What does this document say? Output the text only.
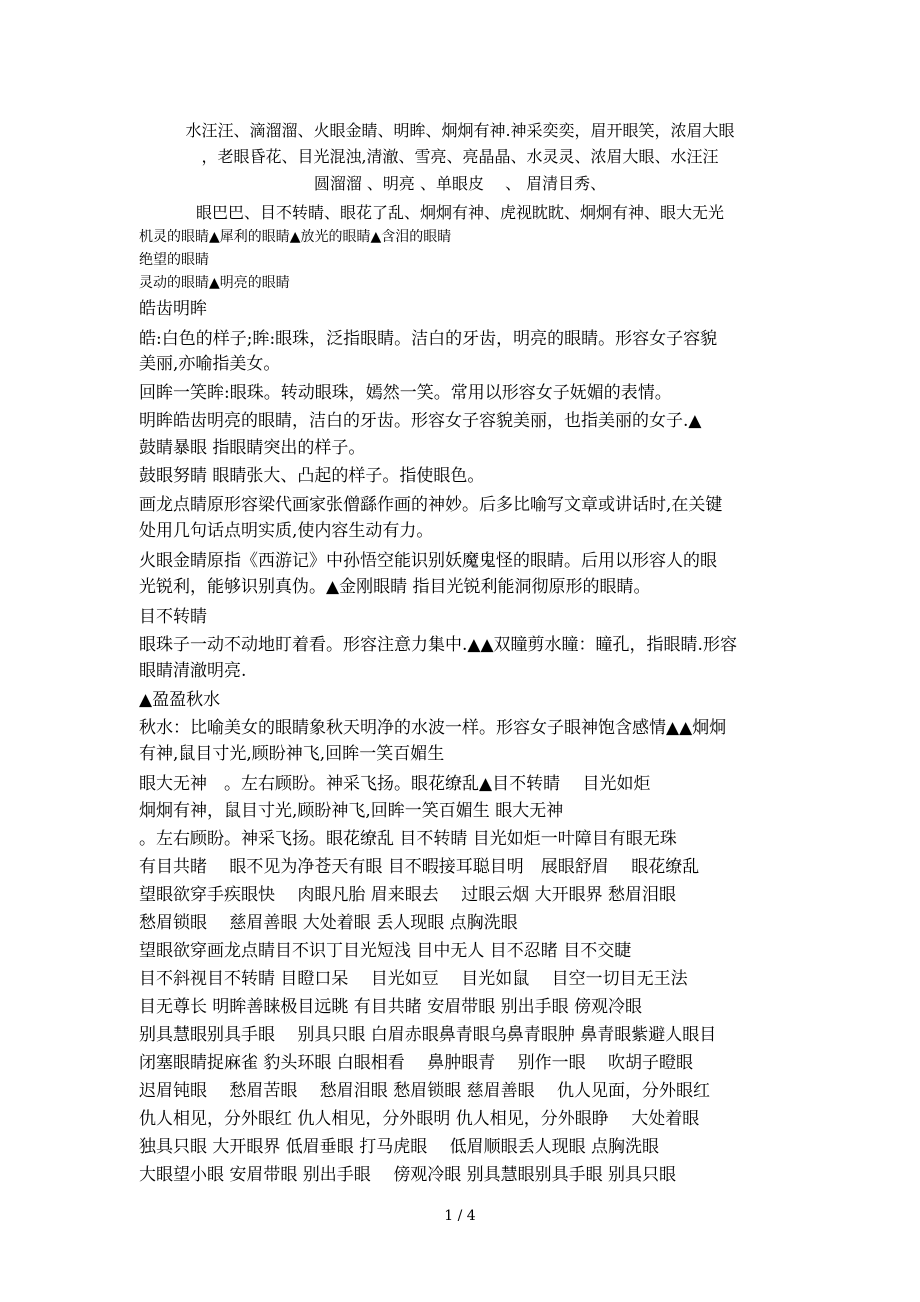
水汪汪、滴溜溜、火眼金睛、明眸、炯炯有神.神采奕奕，眉开眼笑，浓眉大眼
，老眼昏花、目光混浊,清澈、雪亮、亮晶晶、水灵灵、浓眉大眼、水汪汪
圆溜溜 、明亮 、单眼皮 　、 眉清目秀、
眼巴巴、目不转睛、眼花了乱、炯炯有神、虎视眈眈、炯炯有神、眼大无光
机灵的眼睛▲犀利的眼睛▲放光的眼睛▲含泪的眼睛
绝望的眼睛
灵动的眼睛▲明亮的眼睛
皓齿明眸
皓:白色的样子;眸:眼珠，泛指眼睛。洁白的牙齿，明亮的眼睛。形容女子容貌
美丽,亦喻指美女。
回眸一笑眸:眼珠。转动眼珠，嫣然一笑。常用以形容女子妩媚的表情。
明眸皓齿明亮的眼睛，洁白的牙齿。形容女子容貌美丽，也指美丽的女子.▲
鼓睛暴眼 指眼睛突出的样子。
鼓眼努睛 眼睛张大、凸起的样子。指使眼色。
画龙点睛原形容梁代画家张僧繇作画的神妙。后多比喻写文章或讲话时,在关键
处用几句话点明实质,使内容生动有力。
火眼金睛原指《西游记》中孙悟空能识别妖魔鬼怪的眼睛。后用以形容人的眼
光锐利，能够识别真伪。▲金刚眼睛 指目光锐利能洞彻原形的眼睛。
目不转睛
眼珠子一动不动地盯着看。形容注意力集中.▲▲双瞳剪水瞳：瞳孔，指眼睛.形容
眼睛清澈明亮.
▲盈盈秋水
秋水：比喻美女的眼睛象秋天明净的水波一样。形容女子眼神饱含感情▲▲炯炯
有神,鼠目寸光,顾盼神飞,回眸一笑百媚生
眼大无神　。左右顾盼。神采飞扬。眼花缭乱▲目不转睛　 目光如炬
炯炯有神，鼠目寸光,顾盼神飞,回眸一笑百媚生 眼大无神
。左右顾盼。神采飞扬。眼花缭乱 目不转睛 目光如炬一叶障目有眼无珠
有目共睹　 眼不见为净苍天有眼 目不暇接耳聪目明　展眼舒眉　 眼花缭乱
望眼欲穿手疾眼快　 肉眼凡胎 眉来眼去　 过眼云烟 大开眼界 愁眉泪眼
愁眉锁眼　 慈眉善眼 大处着眼 丢人现眼 点胸洗眼
望眼欲穿画龙点睛目不识丁目光短浅 目中无人 目不忍睹 目不交睫
目不斜视目不转睛 目瞪口呆　 目光如豆　 目光如鼠　 目空一切目无王法
目无尊长 明眸善睐极目远眺 有目共睹 安眉带眼 别出手眼 傍观冷眼
别具慧眼别具手眼　 别具只眼 白眉赤眼鼻青眼乌鼻青眼肿 鼻青眼紫避人眼目
闭塞眼睛捉麻雀 豹头环眼 白眼相看　 鼻肿眼青　 别作一眼　 吹胡子瞪眼
迟眉钝眼　 愁眉苦眼　 愁眉泪眼 愁眉锁眼 慈眉善眼　 仇人见面，分外眼红
仇人相见，分外眼红 仇人相见，分外眼明 仇人相见，分外眼睁　 大处着眼
独具只眼 大开眼界 低眉垂眼 打马虎眼　 低眉顺眼丢人现眼 点胸洗眼
大眼望小眼 安眉带眼 别出手眼　 傍观冷眼 别具慧眼别具手眼 别具只眼
1 / 4
